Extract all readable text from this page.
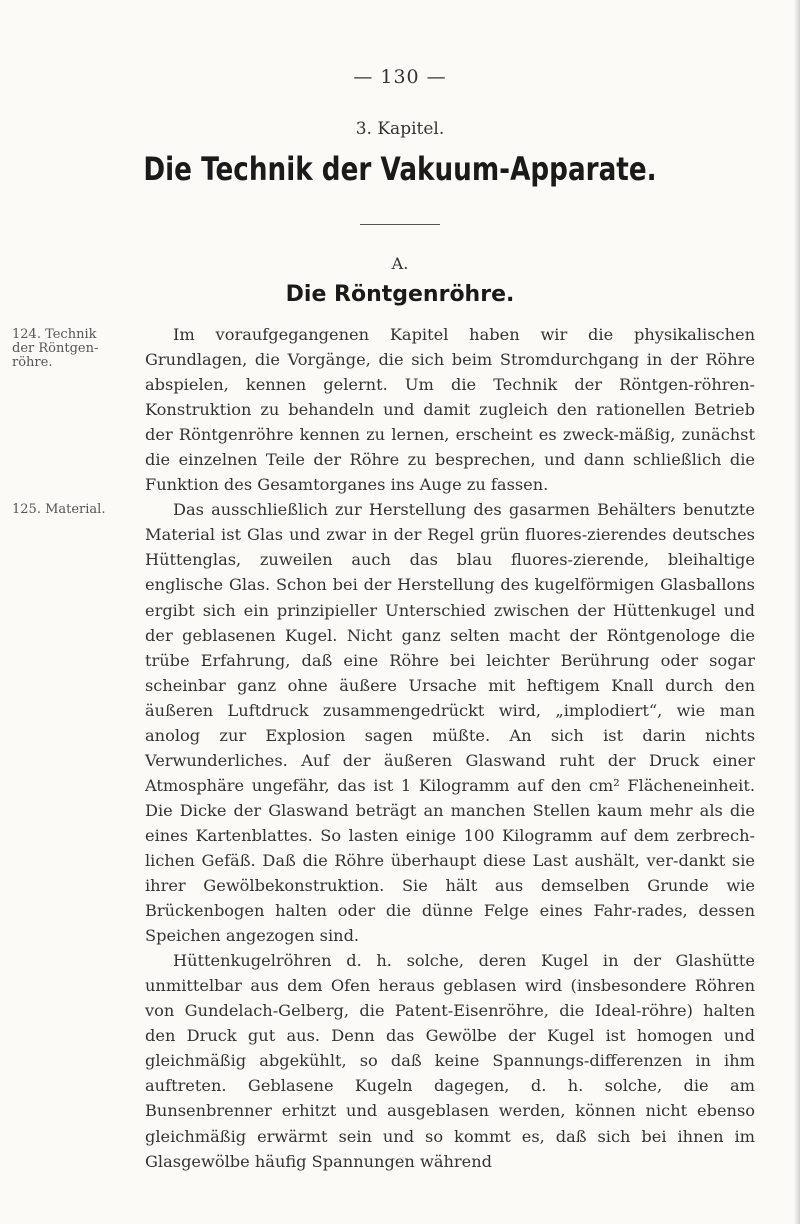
— 130 —
3. Kapitel.
Die Technik der Vakuum-Apparate.
A.
Die Röntgenröhre.
124. Technik der Röntgen-röhre.
125. Material.

Im voraufgegangenen Kapitel haben wir die physikalischen Grundlagen, die Vorgänge, die sich beim Stromdurchgang in der Röhre abspielen, kennen gelernt. Um die Technik der Röntgen-röhren-Konstruktion zu behandeln und damit zugleich den rationellen Betrieb der Röntgenröhre kennen zu lernen, erscheint es zweck-mäßig, zunächst die einzelnen Teile der Röhre zu besprechen, und dann schließlich die Funktion des Gesamtorganes ins Auge zu fassen.

Das ausschließlich zur Herstellung des gasarmen Behälters benutzte Material ist Glas und zwar in der Regel grün fluores-zierendes deutsches Hüttenglas, zuweilen auch das blau fluores-zierende, bleihaltige englische Glas. Schon bei der Herstellung des kugelförmigen Glasballons ergibt sich ein prinzipieller Unterschied zwischen der Hüttenkugel und der geblasenen Kugel. Nicht ganz selten macht der Röntgenologe die trübe Erfahrung, daß eine Röhre bei leichter Berührung oder sogar scheinbar ganz ohne äußere Ursache mit heftigem Knall durch den äußeren Luftdruck zusammengedrückt wird, „implodiert“, wie man anolog zur Explosion sagen müßte. An sich ist darin nichts Verwunderliches. Auf der äußeren Glaswand ruht der Druck einer Atmosphäre ungefähr, das ist 1 Kilogramm auf den cm² Flächeneinheit. Die Dicke der Glaswand beträgt an manchen Stellen kaum mehr als die eines Kartenblattes. So lasten einige 100 Kilogramm auf dem zerbrech-lichen Gefäß. Daß die Röhre überhaupt diese Last aushält, ver-dankt sie ihrer Gewölbekonstruktion. Sie hält aus demselben Grunde wie Brückenbogen halten oder die dünne Felge eines Fahr-rades, dessen Speichen angezogen sind.

Hüttenkugelröhren d. h. solche, deren Kugel in der Glashütte unmittelbar aus dem Ofen heraus geblasen wird (insbesondere Röhren von Gundelach-Gelberg, die Patent-Eisenröhre, die Ideal-röhre) halten den Druck gut aus. Denn das Gewölbe der Kugel ist homogen und gleichmäßig abgekühlt, so daß keine Spannungs-differenzen in ihm auftreten. Geblasene Kugeln dagegen, d. h. solche, die am Bunsenbrenner erhitzt und ausgeblasen werden, können nicht ebenso gleichmäßig erwärmt sein und so kommt es, daß sich bei ihnen im Glasgewölbe häufig Spannungen während
